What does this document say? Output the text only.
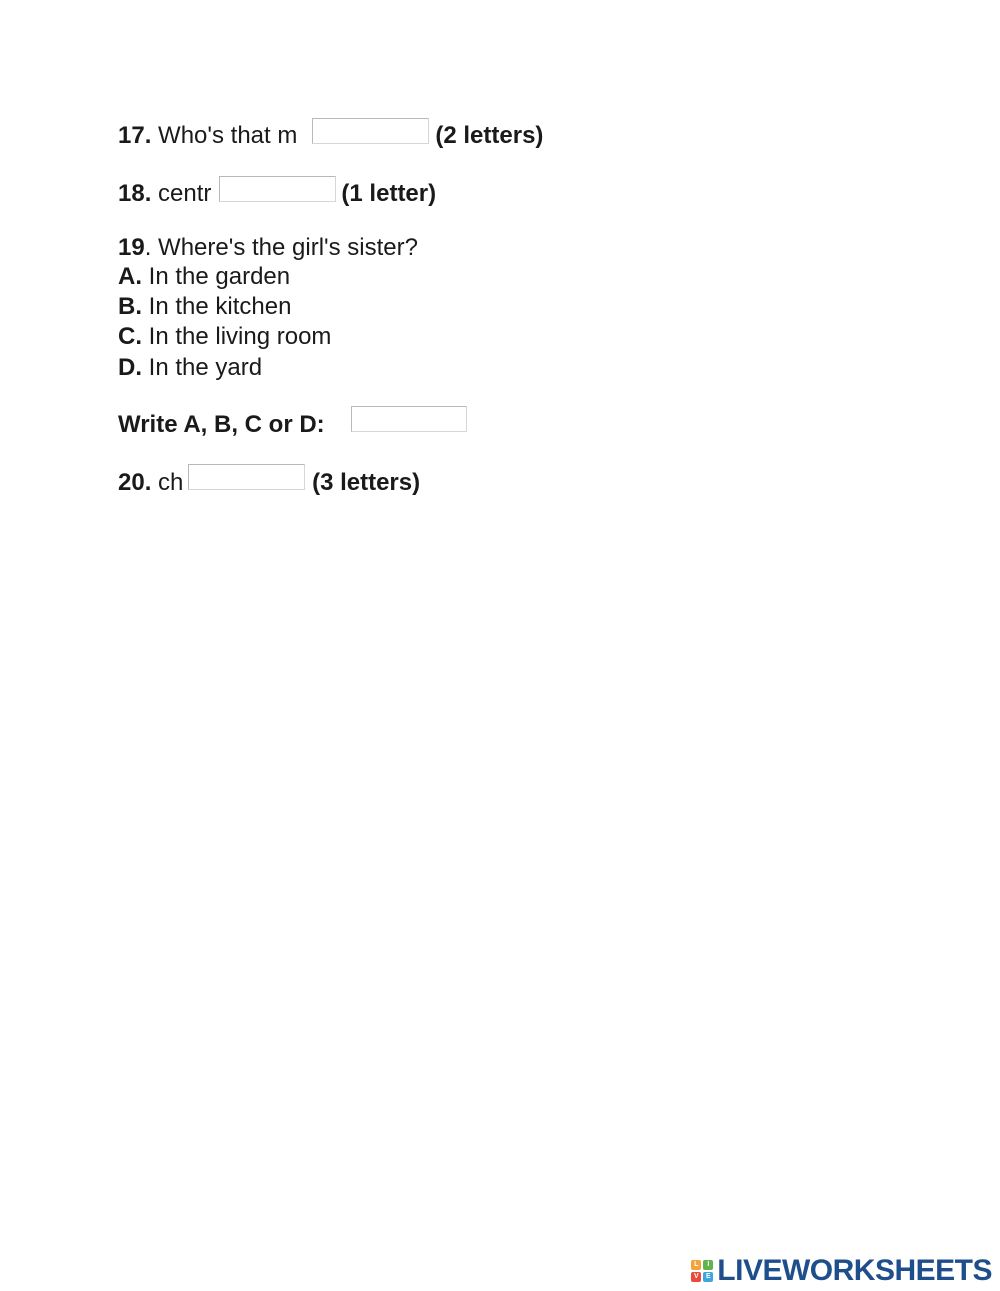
17. Who's that m	(2 letters)
18. centr	(1 letter)
19. Where's the girl's sister?
A. In the garden
B. In the kitchen
C. In the living room
D. In the yard
Write A, B, C or D:
20. ch	(3 letters)
L	I
V	E LIVEWORKSHEETS
